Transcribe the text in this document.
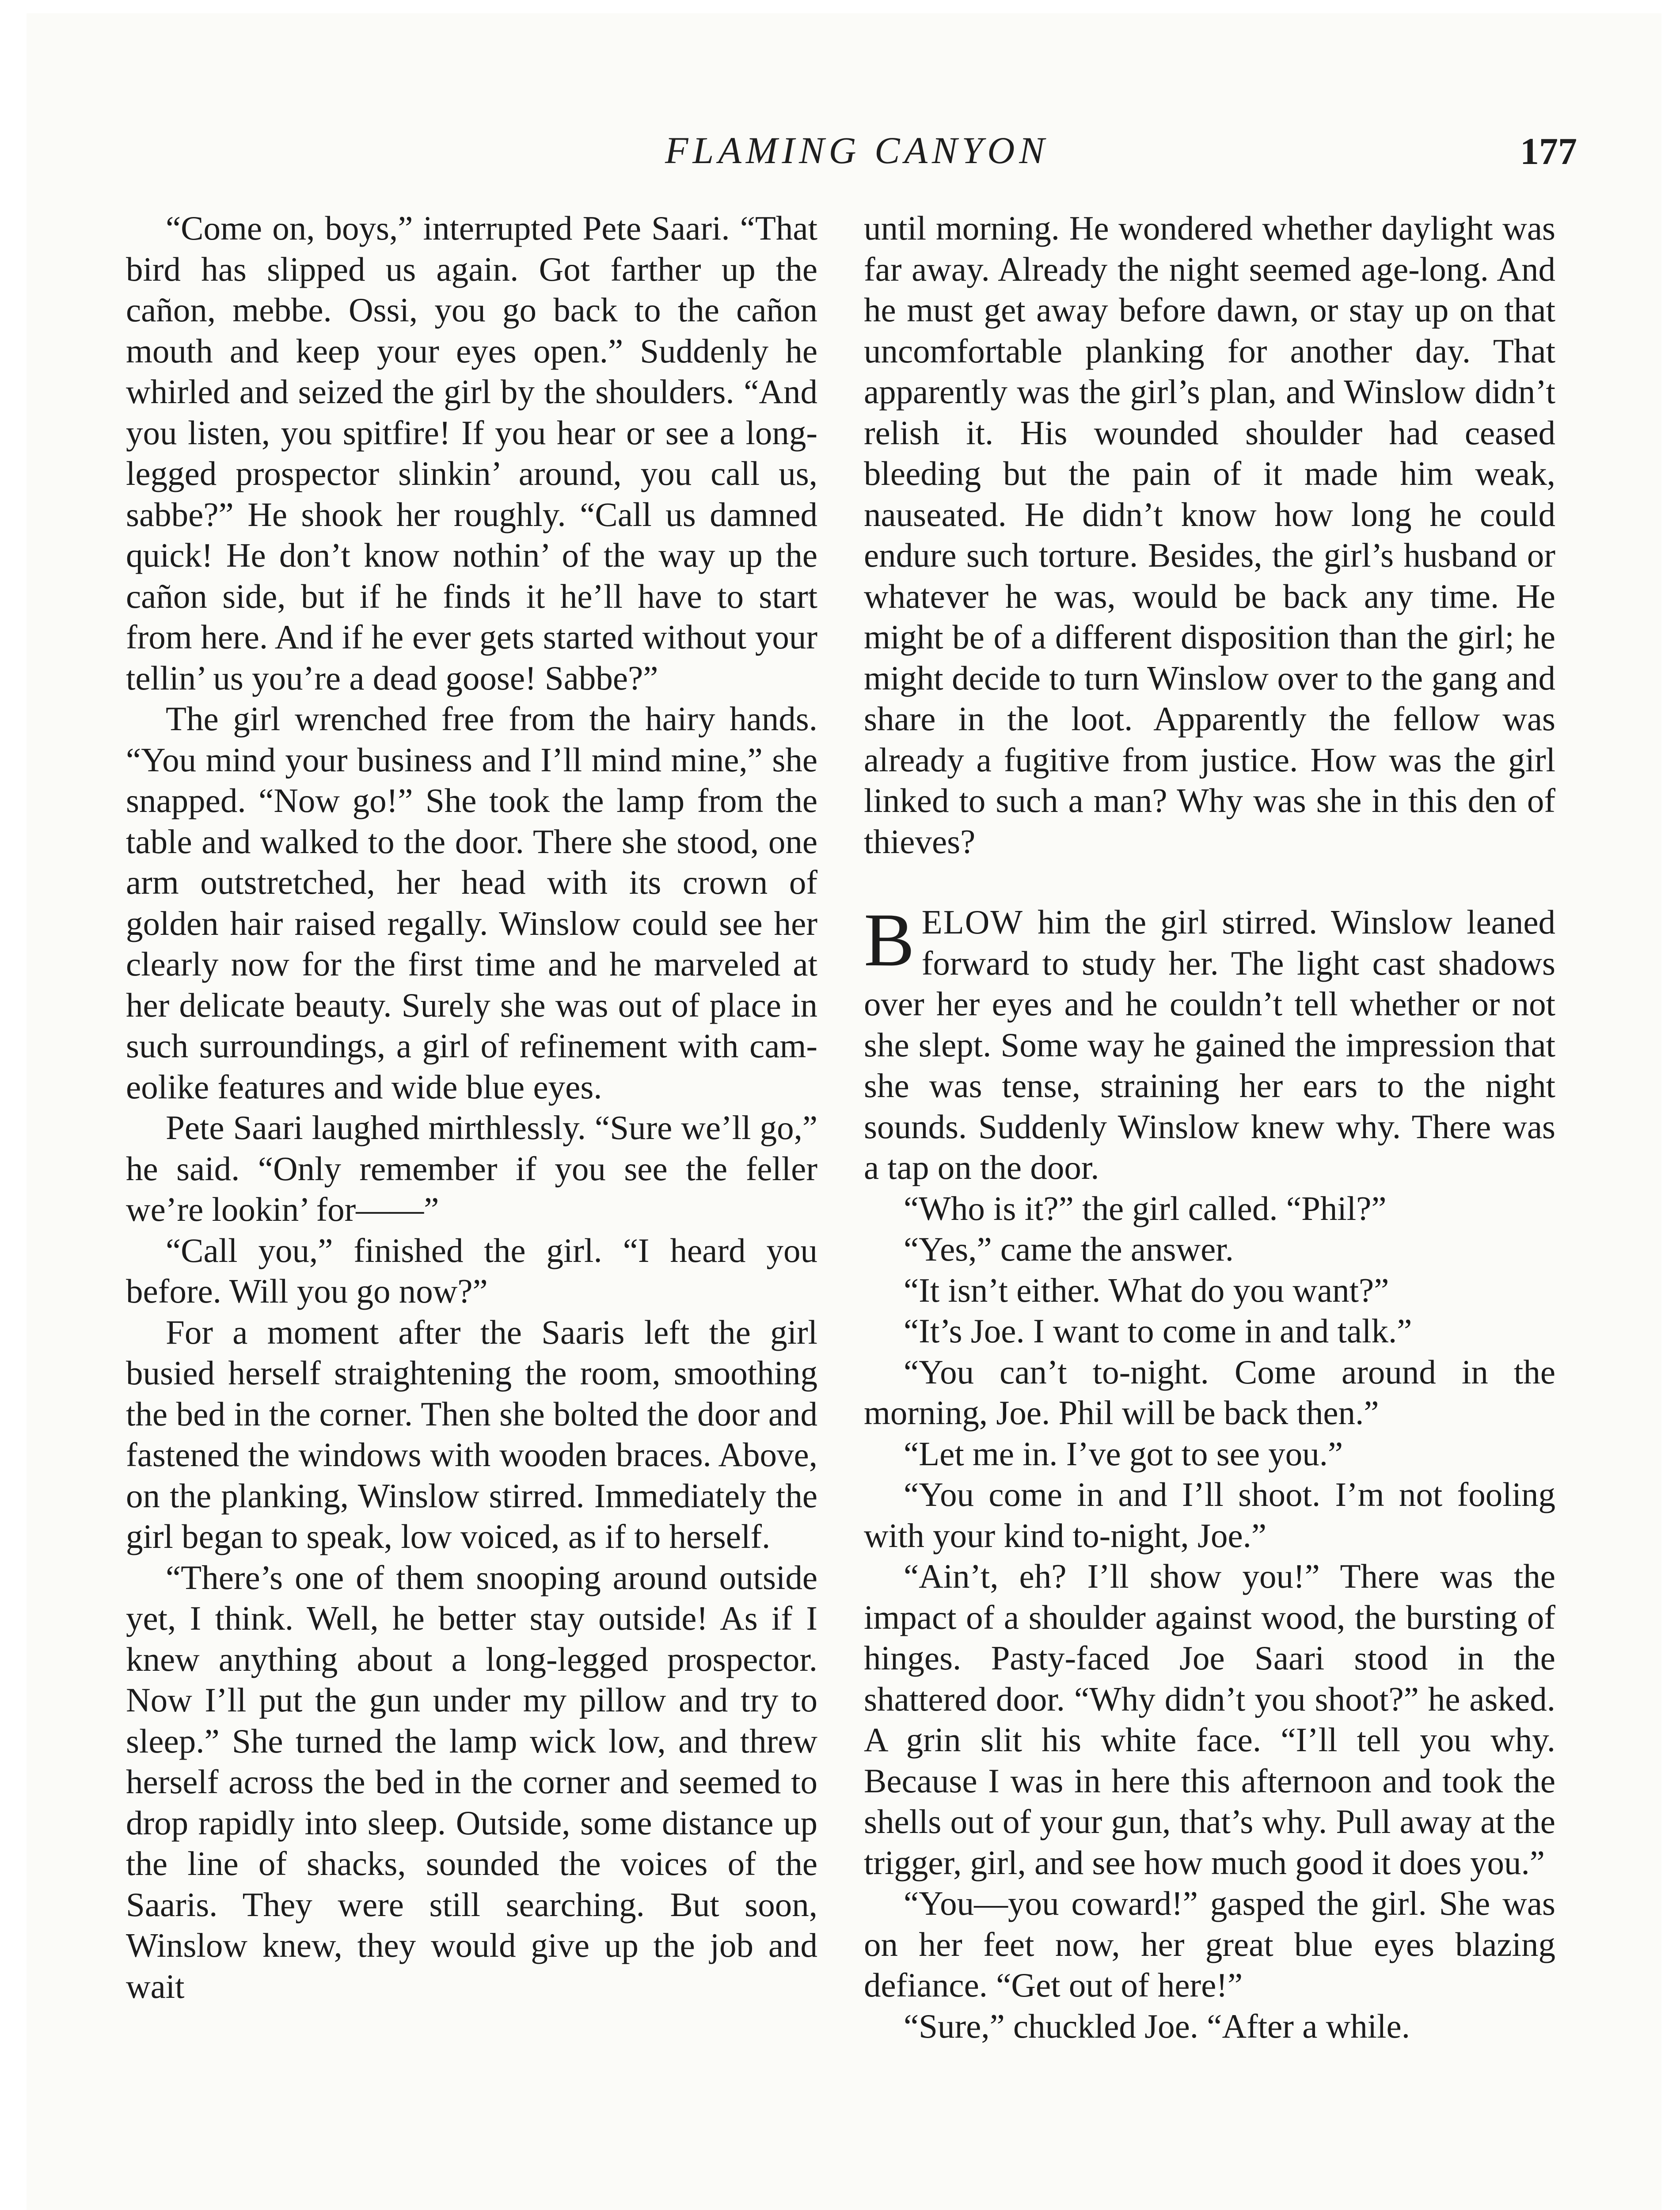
FLAMING CANYON	177

“Come on, boys,” interrupted Pete Saari. “That bird has slipped us again. Got farther up the cañon, mebbe. Ossi, you go back to the cañon mouth and keep your eyes open.” Suddenly he whirled and seized the girl by the shoulders. “And you listen, you spitfire! If you hear or see a long-legged prospector slinkin’ around, you call us, sabbe?” He shook her roughly. “Call us damned quick! He don’t know nothin’ of the way up the cañon side, but if he finds it he’ll have to start from here. And if he ever gets started without your tellin’ us you’re a dead goose! Sabbe?”

The girl wrenched free from the hairy hands. “You mind your business and I’ll mind mine,” she snapped. “Now go!” She took the lamp from the table and walked to the door. There she stood, one arm outstretched, her head with its crown of golden hair raised regally. Winslow could see her clearly now for the first time and he marveled at her delicate beauty. Surely she was out of place in such surroundings, a girl of refinement with cameolike features and wide blue eyes.

Pete Saari laughed mirthlessly. “Sure we’ll go,” he said. “Only remember if you see the feller we’re lookin’ for——”

“Call you,” finished the girl. “I heard you before. Will you go now?”

For a moment after the Saaris left the girl busied herself straightening the room, smoothing the bed in the corner. Then she bolted the door and fastened the windows with wooden braces. Above, on the planking, Winslow stirred. Immediately the girl began to speak, low voiced, as if to herself.

“There’s one of them snooping around outside yet, I think. Well, he better stay outside! As if I knew anything about a long-legged prospector. Now I’ll put the gun under my pillow and try to sleep.” She turned the lamp wick low, and threw herself across the bed in the corner and seemed to drop rapidly into sleep. Outside, some distance up the line of shacks, sounded the voices of the Saaris. They were still searching. But soon, Winslow knew, they would give up the job and wait

until morning. He wondered whether daylight was far away. Already the night seemed age-long. And he must get away before dawn, or stay up on that uncomfortable planking for another day. That apparently was the girl’s plan, and Winslow didn’t relish it. His wounded shoulder had ceased bleeding but the pain of it made him weak, nauseated. He didn’t know how long he could endure such torture. Besides, the girl’s husband or whatever he was, would be back any time. He might be of a different disposition than the girl; he might decide to turn Winslow over to the gang and share in the loot. Apparently the fellow was already a fugitive from justice. How was the girl linked to such a man? Why was she in this den of thieves?

BELOW him the girl stirred. Winslow leaned forward to study her. The light cast shadows over her eyes and he couldn’t tell whether or not she slept. Some way he gained the impression that she was tense, straining her ears to the night sounds. Suddenly Winslow knew why. There was a tap on the door.

“Who is it?” the girl called. “Phil?”

“Yes,” came the answer.

“It isn’t either. What do you want?”

“It’s Joe. I want to come in and talk.”

“You can’t to-night. Come around in the morning, Joe. Phil will be back then.”

“Let me in. I’ve got to see you.”

“You come in and I’ll shoot. I’m not fooling with your kind to-night, Joe.”

“Ain’t, eh? I’ll show you!” There was the impact of a shoulder against wood, the bursting of hinges. Pasty-faced Joe Saari stood in the shattered door. “Why didn’t you shoot?” he asked. A grin slit his white face. “I’ll tell you why. Because I was in here this afternoon and took the shells out of your gun, that’s why. Pull away at the trigger, girl, and see how much good it does you.”

“You—you coward!” gasped the girl. She was on her feet now, her great blue eyes blazing defiance. “Get out of here!”

“Sure,” chuckled Joe. “After a while.
